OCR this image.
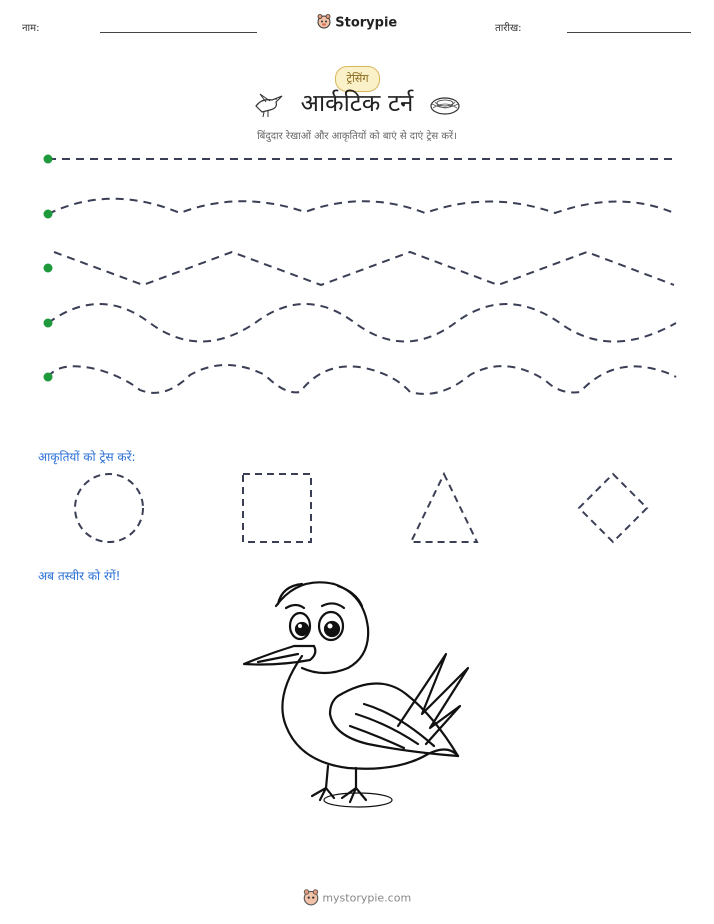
नाम:	Storypie	तारीख:
ट्रेसिंग
आर्कटिक टर्न
बिंदुदार रेखाओं और आकृतियों को बाएं से दाएं ट्रेस करें।
आकृतियों को ट्रेस करें:
अब तस्वीर को रंगें!
mystorypie.com
